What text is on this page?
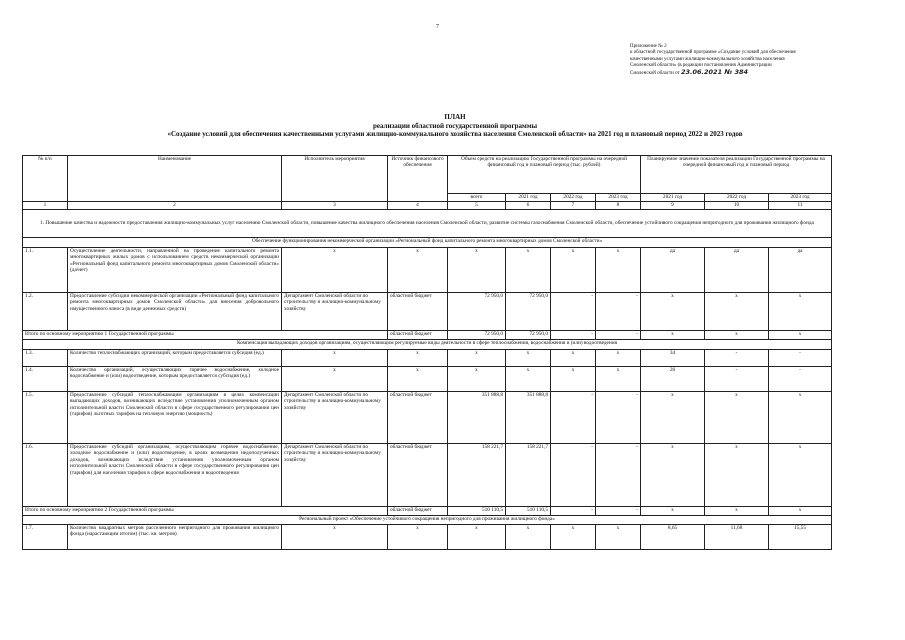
7
Приложение № 2
к областной государственной программе «Создание условий для обеспечения
качественными услугами жилищно-коммунального хозяйства населения
Смоленской области» (в редакции постановления Администрации
Смоленской области от 23.06.2021 № 384
ПЛАН
реализации областной государственной программы
«Создание условий для обеспечения качественными услугами жилищно-коммунального хозяйства населения Смоленской области» на 2021 год и плановый период 2022 и 2023 годов
№ п/п	Наименование	Исполнитель мероприятия	Источник финансового обеспечения	Объем средств на реализацию Государственной программы на очередной финансовый год и плановый период (тыс. рублей)				Планируемое значение показателя реализации Государственной программы на очередной финансовый год и плановый период		
				всего	2021 год	2022 год	2023 год	2021 год	2022 год	2023 год
1	2	3	4	5	6	7	8	9	10	11
1. Повышение качества и надежности предоставления жилищно-коммунальных услуг населению Смоленской области, повышение качества жилищного обеспечения населения Смоленской области, развитие системы газоснабжения Смоленской области, обеспечение устойчивого сокращения непригодного для проживания жилищного фонда										
Обеспечение функционирования некоммерческой организации «Региональный фонд капитального ремонта многоквартирных домов Смоленской области»										
1.1.	Осуществление деятельности, направленной на проведение капитального ремонта многоквартирных жилых домов с использованием средств некоммерческой организации «Региональный фонд капитального ремонта многоквартирных домов Смоленской области» (да/нет)	х	х	х	х	х	х	да	да	да
1.2.	Предоставление субсидии некоммерческой организации «Региональный фонд капитального ремонта многоквартирных домов Смоленской области» для внесения добровольного имущественного взноса (в виде денежных средств)	Департамент Смоленской области по строительству и жилищно-коммунальному хозяйству	областной бюджет	72 950,0	72 950,0	-	-	х	х	х
Итого по основному мероприятию 1 Государственной программы			областной бюджет	72 950,0	72 950,0	-	-	х	х	х
Компенсация выпадающих доходов организациям, осуществляющим регулируемые виды деятельности в сфере теплоснабжения, водоснабжения и (или) водоотведения										
1.3.	Количество теплоснабжающих организаций, которым предоставляется субсидия (ед.)	х	х	х	х	х	х	34	-	-
1.4.	Количество организаций, осуществляющих горячее водоснабжение, холодное водоснабжение и (или) водоотведение, которым предоставляется субсидия (ед.)	х	х	х	х	х	х	26	-	-
1.5.	Предоставление субсидий теплоснабжающим организациям в целях компенсации выпадающих доходов, возникающих вследствие установления уполномоченным органом исполнительной власти Смоленской области в сфере государственного регулирования цен (тарифов) льготных тарифов на тепловую энергию (мощность)	Департамент Смоленской области по строительству и жилищно-коммунальному хозяйству	областной бюджет	351 888,8	351 888,8	-	-	х	х	х
1.6.	Предоставление субсидий организациям, осуществляющим горячее водоснабжение, холодное водоснабжение и (или) водоотведение, в целях возмещения недополученных доходов, возникающих вследствие установления уполномоченным органом исполнительной власти Смоленской области в сфере государственного регулирования цен (тарифов) для населения тарифов в сфере водоснабжения и водоотведения	Департамент Смоленской области по строительству и жилищно-коммунальному хозяйству	областной бюджет	158 221,7	158 221,7	-	-	х	х	х
Итого по основному мероприятию 2 Государственной программы			областной бюджет	510 110,5	510 110,5	-	-	х	х	х
Региональный проект «Обеспечение устойчивого сокращения непригодного для проживания жилищного фонда»										
1.7.	Количество квадратных метров расселенного непригодного для проживания жилищного фонда (нарастающим итогом) (тыс. кв. метров)	х	х	х	х	х	х	8,65	11,68	15,55
